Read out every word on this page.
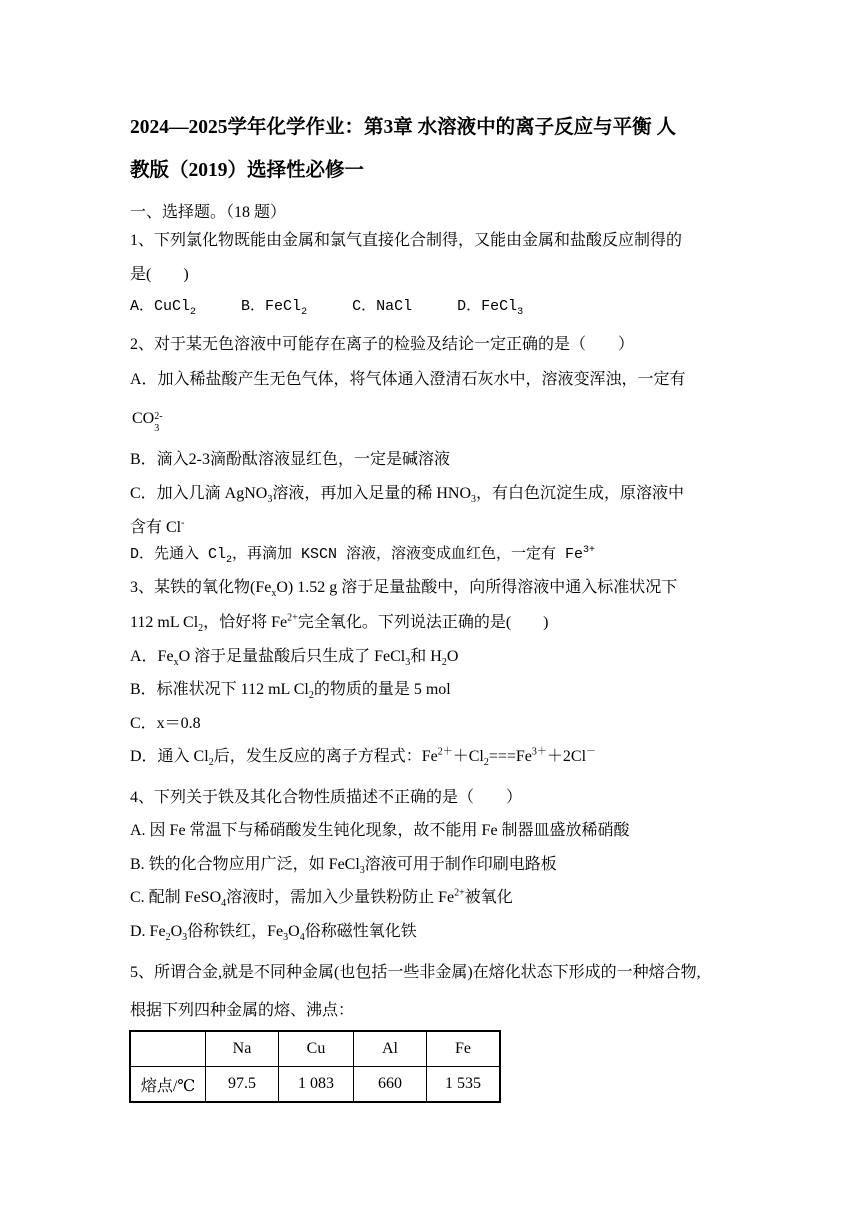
2024—2025学年化学作业：第3章 水溶液中的离子反应与平衡 人
教版（2019）选择性必修一
一、选择题。（18 题）
1、下列氯化物既能由金属和氯气直接化合制得，又能由金属和盐酸反应制得的
是(　　)
A．CuCl$_2$	B．FeCl$_2$	C．NaCl	D．FeCl$_3$
2、对于某无色溶液中可能存在离子的检验及结论一定正确的是（　　）
A．加入稀盐酸产生无色气体，将气体通入澄清石灰水中，溶液变浑浊，一定有
CO 2-
3
B．滴入2-3滴酚酞溶液显红色，一定是碱溶液
C．加入几滴 AgNO$_3$溶液，再加入足量的稀 $HNO_3$，有白色沉淀生成，原溶液中
含有 Cl-
D．先通入 $Cl_2$，再滴加 KSCN 溶液，溶液变成血红色，一定有 $Fe^{3+}$
3、某铁的氧化物$(Fe_xO)$ 1.52 g 溶于足量盐酸中，向所得溶液中通入标准状况下
112 mL $Cl_2$，恰好将 $Fe^{2+}$完全氧化。下列说法正确的是(　　)
A．$Fe_xO$ 溶于足量盐酸后只生成了 FeCl$_3$和 $H_2O$
B．标准状况下 112 mL $Cl_2$的物质的量是 5 mol
C．x＝0.8
D．通入 $Cl_2$后，发生反应的离子方程式：$Fe^{2+}+Cl_2===Fe^{3+}+2Cl^-$
4、下列关于铁及其化合物性质描述不正确的是（　　）
A. 因 Fe 常温下与稀硝酸发生钝化现象，故不能用 Fe 制器皿盛放稀硝酸
B. 铁的化合物应用广泛，如 FeCl$_3$溶液可用于制作印刷电路板
C. 配制 FeSO$_4$溶液时，需加入少量铁粉防止 $Fe^{2+}$被氧化
D. $Fe_2O_3$俗称铁红，$Fe_3O_4$俗称磁性氧化铁
5、所谓合金,就是不同种金属(也包括一些非金属)在熔化状态下形成的一种熔合物,
根据下列四种金属的熔、沸点：
	Na	Cu	Al	Fe
熔点/℃	97.5	1 083	660	1 535
